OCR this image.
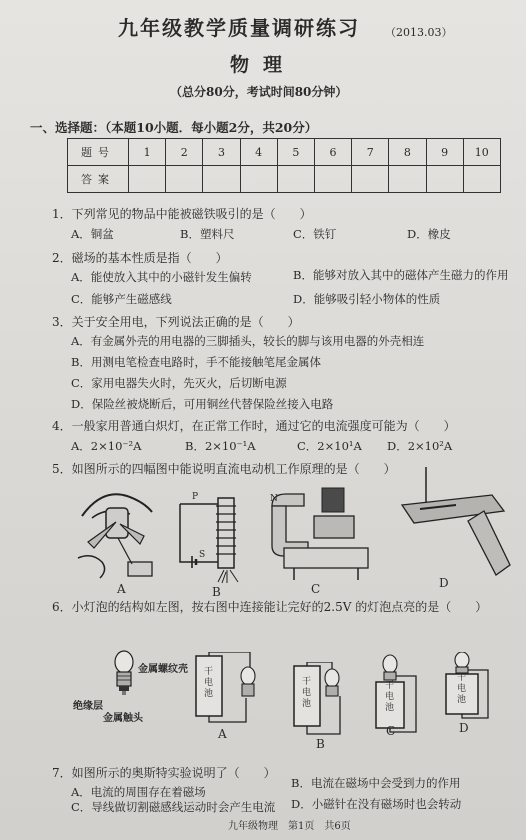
九年级教学质量调研练习 （2013.03）
物理
（总分80分，考试时间80分钟）
一、选择题：（本题10小题．每小题2分，共20分）
题号	1	2	3	4	5	6	7	8	9	10
答案										
1．下列常见的物品中能被磁铁吸引的是（　　）
A．铜盆	B．塑料尺	C．铁钉	D．橡皮
2．磁场的基本性质是指（　　）
A．能使放入其中的小磁针发生偏转	B．能够对放入其中的磁体产生磁力的作用
C．能够产生磁感线	D．能够吸引轻小物体的性质
3．关于安全用电，下列说法正确的是（　　）
A．有金属外壳的用电器的三脚插头，较长的脚与该用电器的外壳相连
B．用测电笔检查电路时，手不能接触笔尾金属体
C．家用电器失火时，先灭火，后切断电源
D．保险丝被烧断后，可用铜丝代替保险丝接入电路
4．一般家用普通白炽灯，在正常工作时，通过它的电流强度可能为（　　）
A．2×10⁻²A	B．2×10⁻¹A	C．2×10¹A D．2×10²A
5．如图所示的四幅图中能说明直流电动机工作原理的是（　　）
A
P
S
B
N
C	D
6．小灯泡的结构如左图，按右图中连接能让完好的2.5V 的灯泡点亮的是（　　）
金属螺纹壳
绝缘层
金属触头
干电池
A
干电池
B
干电池
C
干电池
D
7．如图所示的奥斯特实验说明了（　　）
A．电流的周围存在着磁场
B．电流在磁场中会受到力的作用
C．导线做切割磁感线运动时会产生电流 D．小磁针在没有磁场时也会转动
九年级物理　第1页　共6页
